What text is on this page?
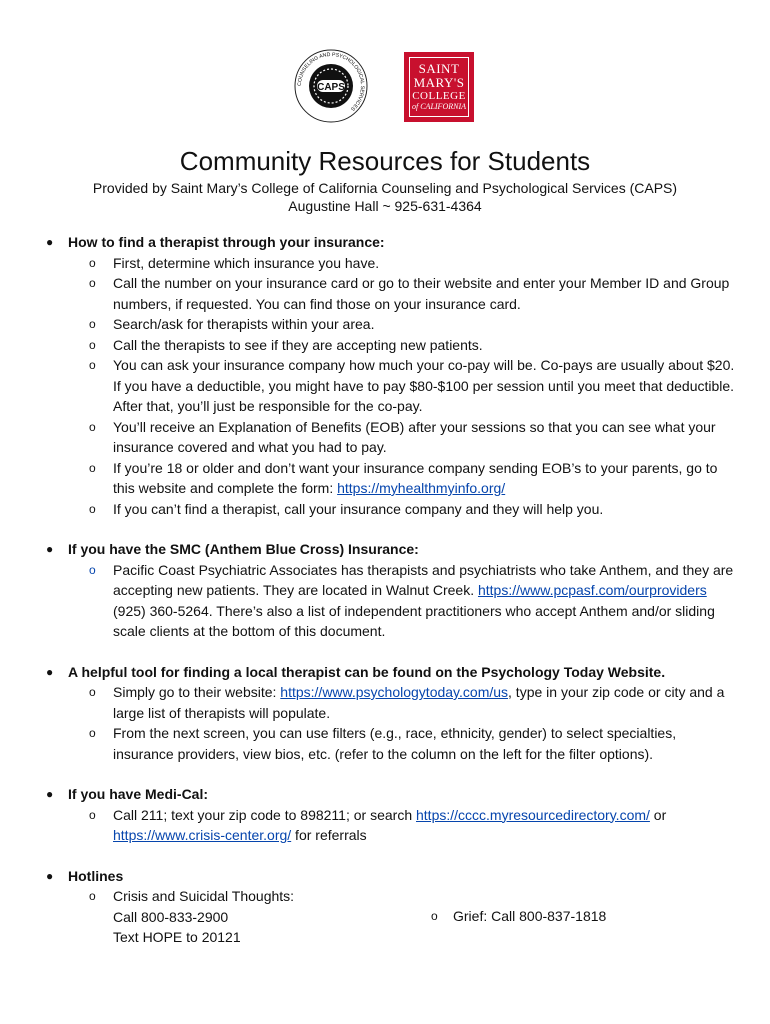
COUNSELING AND PSYCHOLOGICAL SERVICES
CAPS
SAINT
MARY'S
COLLEGE
of CALIFORNIA
Community Resources for Students
Provided by Saint Mary’s College of California Counseling and Psychological Services (CAPS)
Augustine Hall ~ 925-631-4364
● How to find a therapist through your insurance:
o First, determine which insurance you have.
o Call the number on your insurance card or go to their website and enter your Member ID and Group numbers, if requested. You can find those on your insurance card.
o Search/ask for therapists within your area.
o Call the therapists to see if they are accepting new patients.
o You can ask your insurance company how much your co-pay will be. Co-pays are usually about $20. If you have a deductible, you might have to pay $80-$100 per session until you meet that deductible. After that, you’ll just be responsible for the co-pay.
o You’ll receive an Explanation of Benefits (EOB) after your sessions so that you can see what your insurance covered and what you had to pay.
o If you’re 18 or older and don’t want your insurance company sending EOB’s to your parents, go to this website and complete the form: https://myhealthmyinfo.org/
o If you can’t find a therapist, call your insurance company and they will help you.
● If you have the SMC (Anthem Blue Cross) Insurance:
o Pacific Coast Psychiatric Associates has therapists and psychiatrists who take Anthem, and they are accepting new patients. They are located in Walnut Creek. https://www.pcpasf.com/ourproviders (925) 360-5264. There’s also a list of independent practitioners who accept Anthem and/or sliding scale clients at the bottom of this document.
● A helpful tool for finding a local therapist can be found on the Psychology Today Website.
o Simply go to their website: https://www.psychologytoday.com/us, type in your zip code or city and a large list of therapists will populate.
o From the next screen, you can use filters (e.g., race, ethnicity, gender) to select specialties, insurance providers, view bios, etc. (refer to the column on the left for the filter options).
● If you have Medi-Cal:
o Call 211; text your zip code to 898211; or search https://cccc.myresourcedirectory.com/ or https://www.crisis-center.org/ for referrals
● Hotlines
o Crisis and Suicidal Thoughts:
Call 800-833-2900
Text HOPE to 20121
o Grief: Call 800-837-1818
